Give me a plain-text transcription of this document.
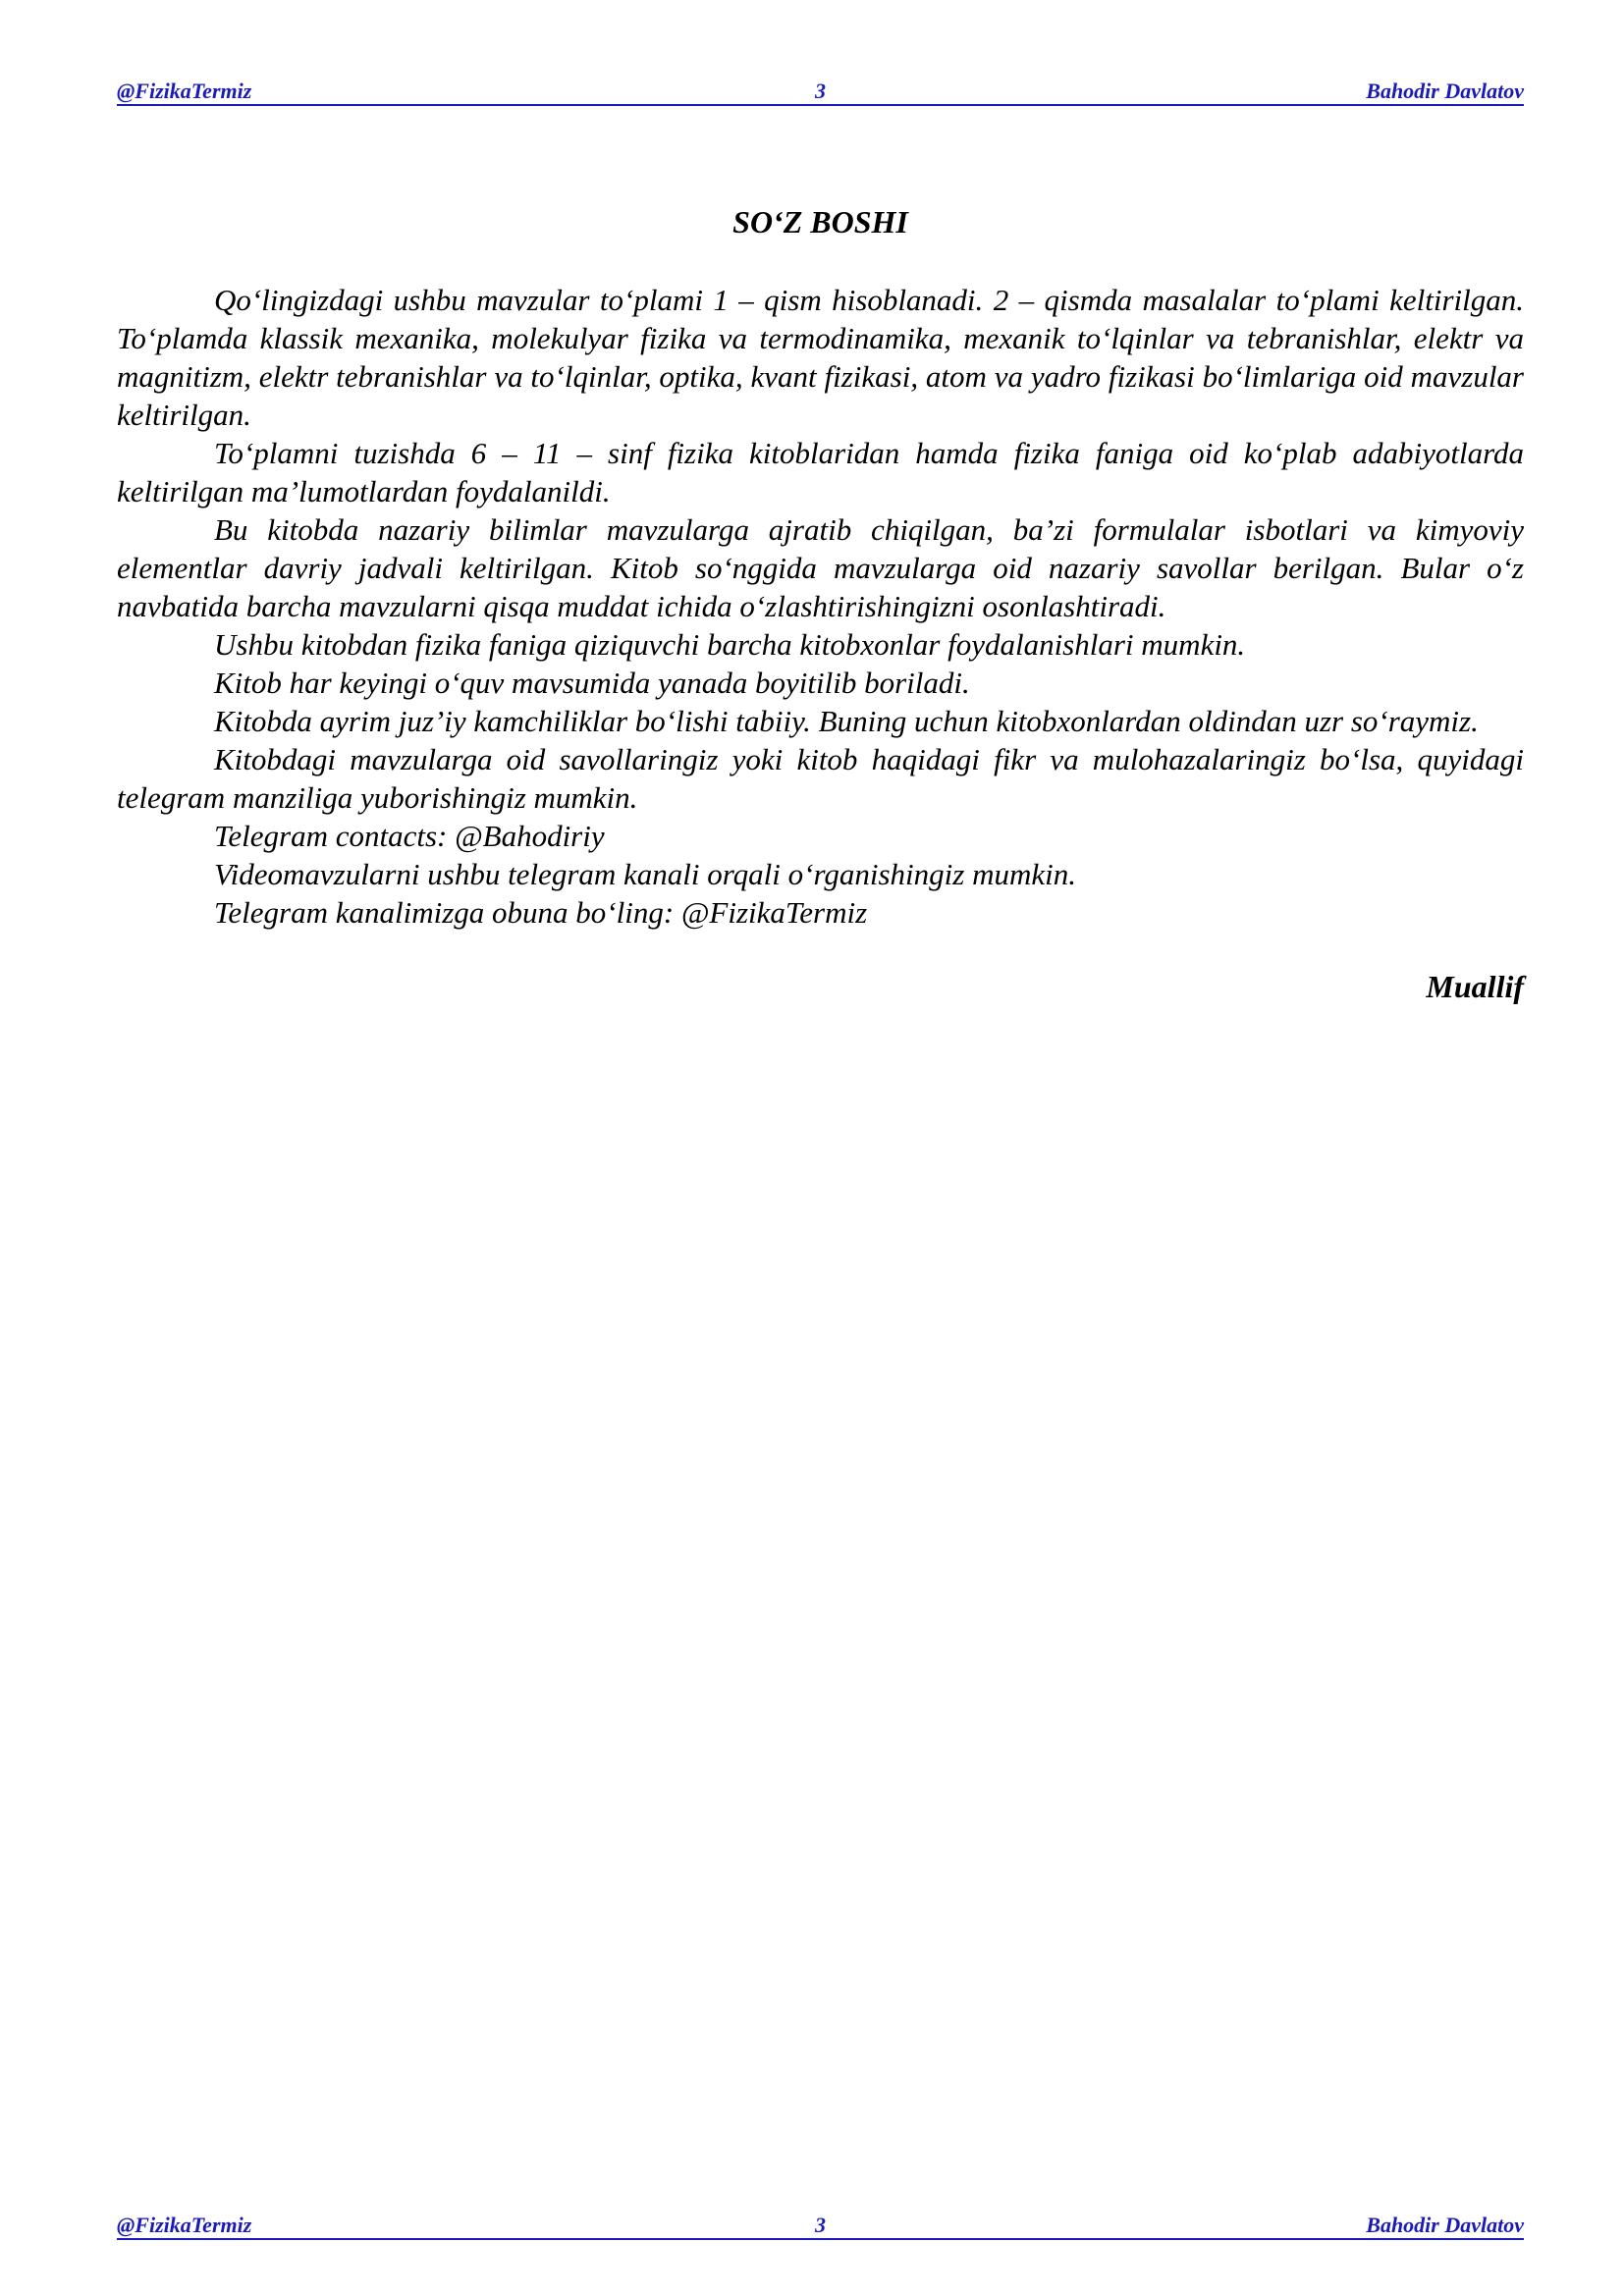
@FizikaTermiz	3	Bahodir Davlatov
SO‘Z BOSHI

Qo‘lingizdagi ushbu mavzular to‘plami 1 – qism hisoblanadi. 2 – qismda masalalar to‘plami keltirilgan. To‘plamda klassik mexanika, molekulyar fizika va termodinamika, mexanik to‘lqinlar va tebranishlar, elektr va magnitizm, elektr tebranishlar va to‘lqinlar, optika, kvant fizikasi, atom va yadro fizikasi bo‘limlariga oid mavzular keltirilgan.

To‘plamni tuzishda 6 – 11 – sinf fizika kitoblaridan hamda fizika faniga oid ko‘plab adabiyotlarda keltirilgan ma’lumotlardan foydalanildi.

Bu kitobda nazariy bilimlar mavzularga ajratib chiqilgan, ba’zi formulalar isbotlari va kimyoviy elementlar davriy jadvali keltirilgan. Kitob so‘nggida mavzularga oid nazariy savollar berilgan. Bular o‘z navbatida barcha mavzularni qisqa muddat ichida o‘zlashtirishingizni osonlashtiradi.

Ushbu kitobdan fizika faniga qiziquvchi barcha kitobxonlar foydalanishlari mumkin.

Kitob har keyingi o‘quv mavsumida yanada boyitilib boriladi.

Kitobda ayrim juz’iy kamchiliklar bo‘lishi tabiiy. Buning uchun kitobxonlardan oldindan uzr so‘raymiz.

Kitobdagi mavzularga oid savollaringiz yoki kitob haqidagi fikr va mulohazalaringiz bo‘lsa, quyidagi telegram manziliga yuborishingiz mumkin.

Telegram contacts: @Bahodiriy

Videomavzularni ushbu telegram kanali orqali o‘rganishingiz mumkin.

Telegram kanalimizga obuna bo‘ling: @FizikaTermiz

Muallif
@FizikaTermiz	3	Bahodir Davlatov
